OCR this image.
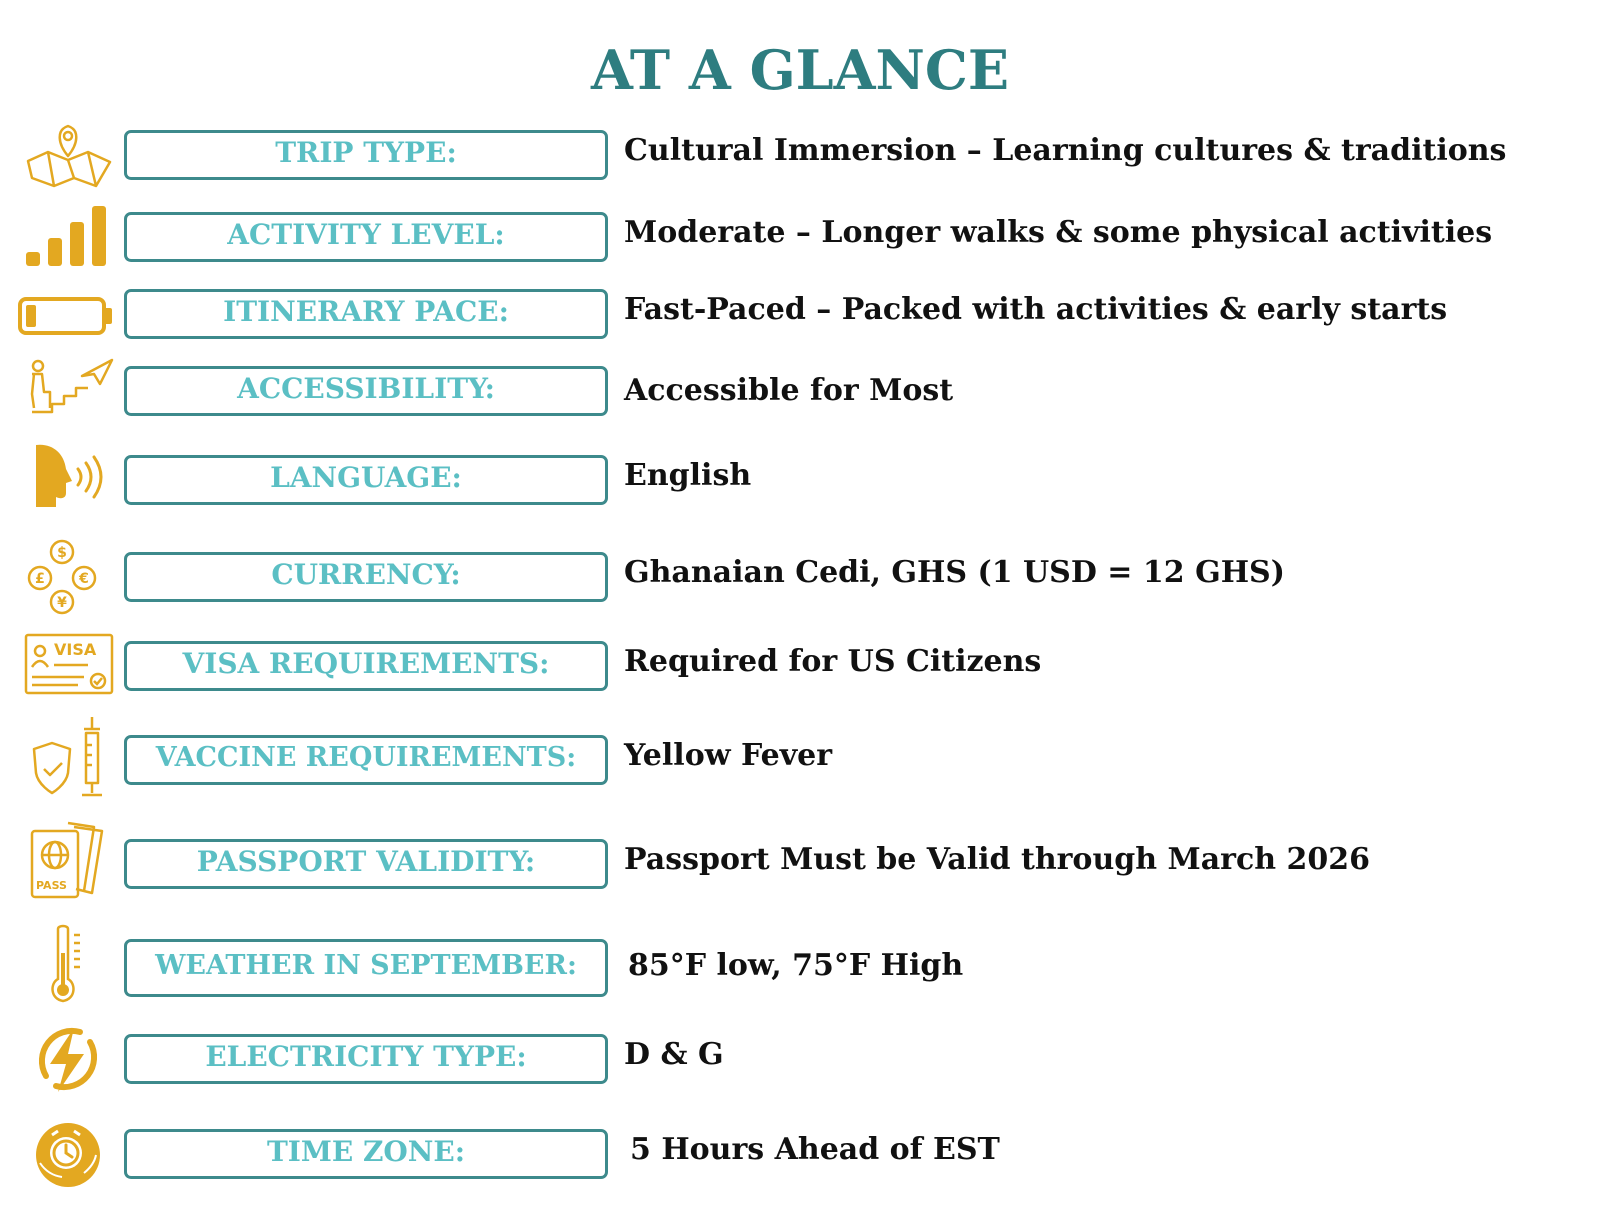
AT A GLANCE
TRIP TYPE:	Cultural Immersion – Learning cultures & traditions
ACTIVITY LEVEL:	Moderate – Longer walks & some physical activities
ITINERARY PACE:	Fast-Paced – Packed with activities & early starts
ACCESSIBILITY:	Accessible for Most
LANGUAGE:	English
$
£ €
¥
CURRENCY:	Ghanaian Cedi, GHS (1 USD = 12 GHS)
VISA	VISA REQUIREMENTS: Required for US Citizens
VACCINE REQUIREMENTS: Yellow Fever
PASS
PASSPORT VALIDITY:	Passport Must be Valid through March 2026
WEATHER IN SEPTEMBER: 85°F low, 75°F High
ELECTRICITY TYPE:	D & G
TIME ZONE:	5 Hours Ahead of EST
